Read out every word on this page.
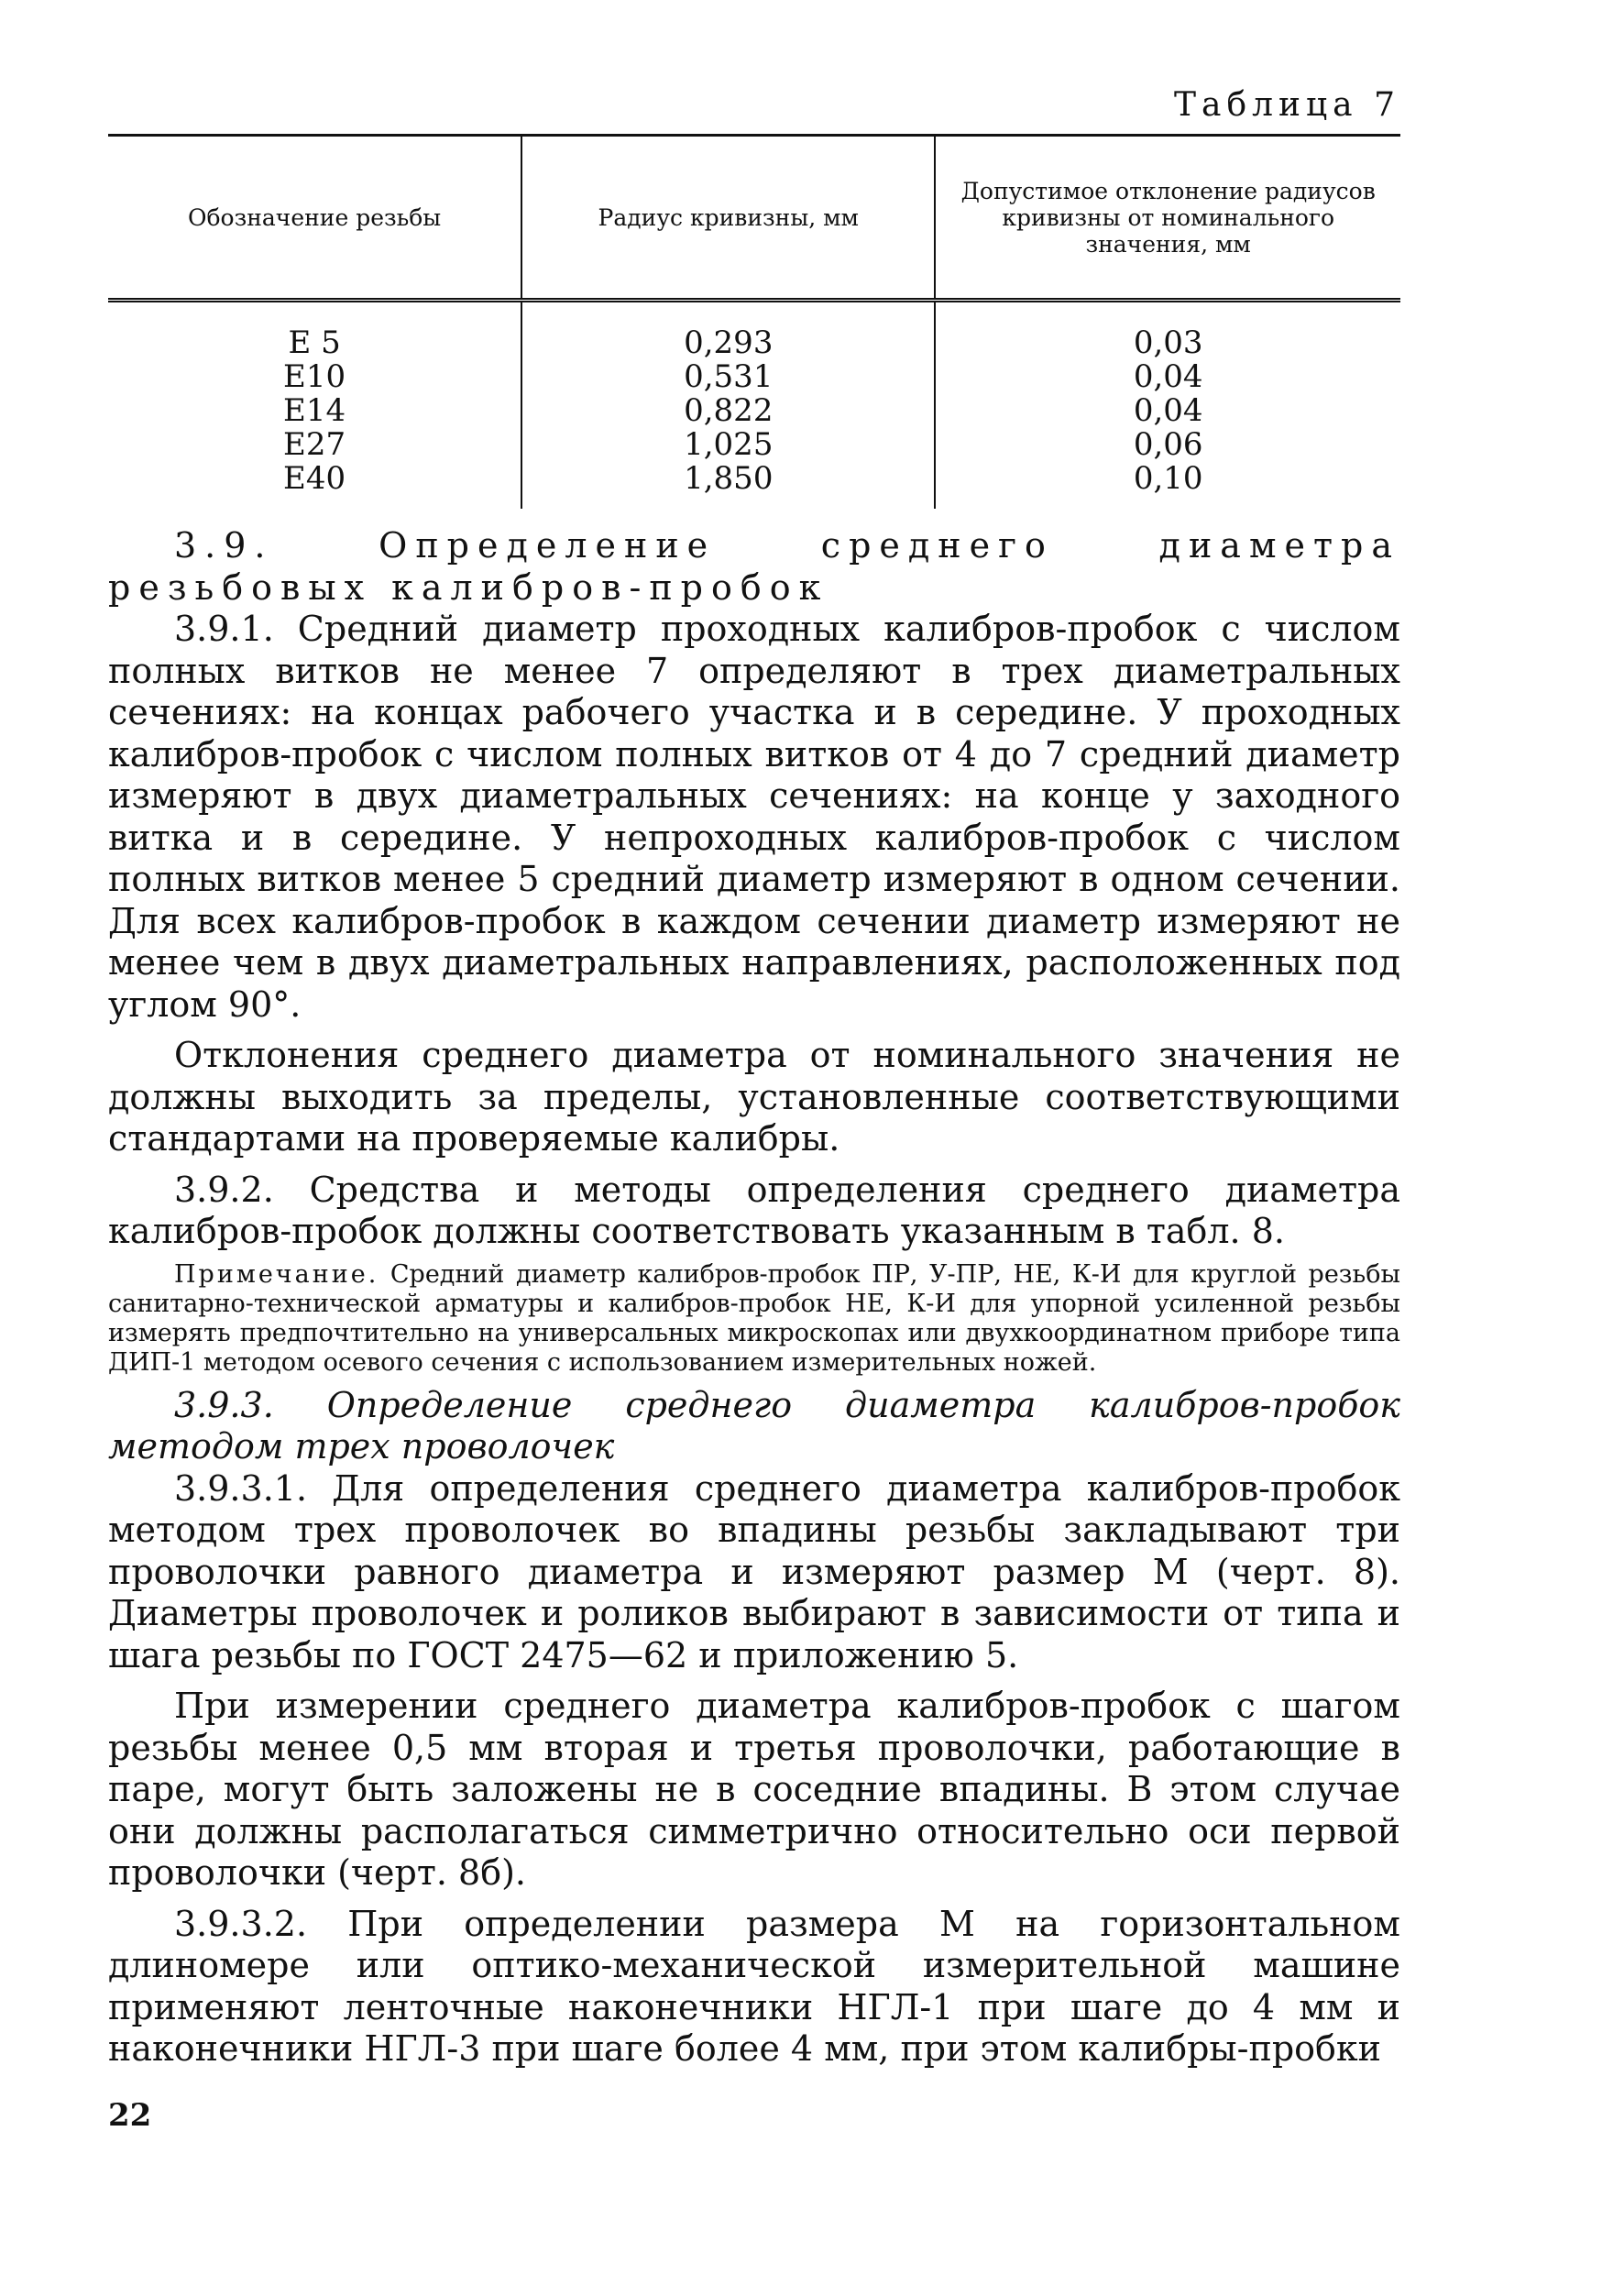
Таблица 7
Обозначение резьбы	Радиус кривизны, мм	Допустимое отклонение радиусов кривизны от номинального значения, мм
Е 5	0,293	0,03
Е10	0,531	0,04
Е14	0,822	0,04
Е27	1,025	0,06
Е40	1,850	0,10

3.9. Определение среднего диаметра резьбовых калибров-пробок

3.9.1. Средний диаметр проходных калибров-пробок с числом полных витков не менее 7 определяют в трех диаметральных сечениях: на концах рабочего участка и в середине. У проходных калибров-пробок с числом полных витков от 4 до 7 средний диаметр измеряют в двух диаметральных сечениях: на конце у заходного витка и в середине. У непроходных калибров-пробок с числом полных витков менее 5 средний диаметр измеряют в одном сечении. Для всех калибров-пробок в каждом сечении диаметр измеряют не менее чем в двух диаметральных направлениях, расположенных под углом 90°.

Отклонения среднего диаметра от номинального значения не должны выходить за пределы, установленные соответствующими стандартами на проверяемые калибры.

3.9.2. Средства и методы определения среднего диаметра калибров-пробок должны соответствовать указанным в табл. 8.

Примечание. Средний диаметр калибров-пробок ПР, У-ПР, НЕ, К-И для круглой резьбы санитарно-технической арматуры и калибров-пробок НЕ, К-И для упорной усиленной резьбы измерять предпочтительно на универсальных микроскопах или двухкоординатном приборе типа ДИП-1 методом осевого сечения с использованием измерительных ножей.

3.9.3. Определение среднего диаметра калибров-пробок методом трех проволочек

3.9.3.1. Для определения среднего диаметра калибров-пробок методом трех проволочек во впадины резьбы закладывают три проволочки равного диаметра и измеряют размер М (черт. 8). Диаметры проволочек и роликов выбирают в зависимости от типа и шага резьбы по ГОСТ 2475—62 и приложению 5.

При измерении среднего диаметра калибров-пробок с шагом резьбы менее 0,5 мм вторая и третья проволочки, работающие в паре, могут быть заложены не в соседние впадины. В этом случае они должны располагаться симметрично относительно оси первой проволочки (черт. 8б).

3.9.3.2. При определении размера М на горизонтальном длиномере или оптико-механической измерительной машине применяют ленточные наконечники НГЛ-1 при шаге до 4 мм и наконечники НГЛ-3 при шаге более 4 мм, при этом калибры-пробки

22
